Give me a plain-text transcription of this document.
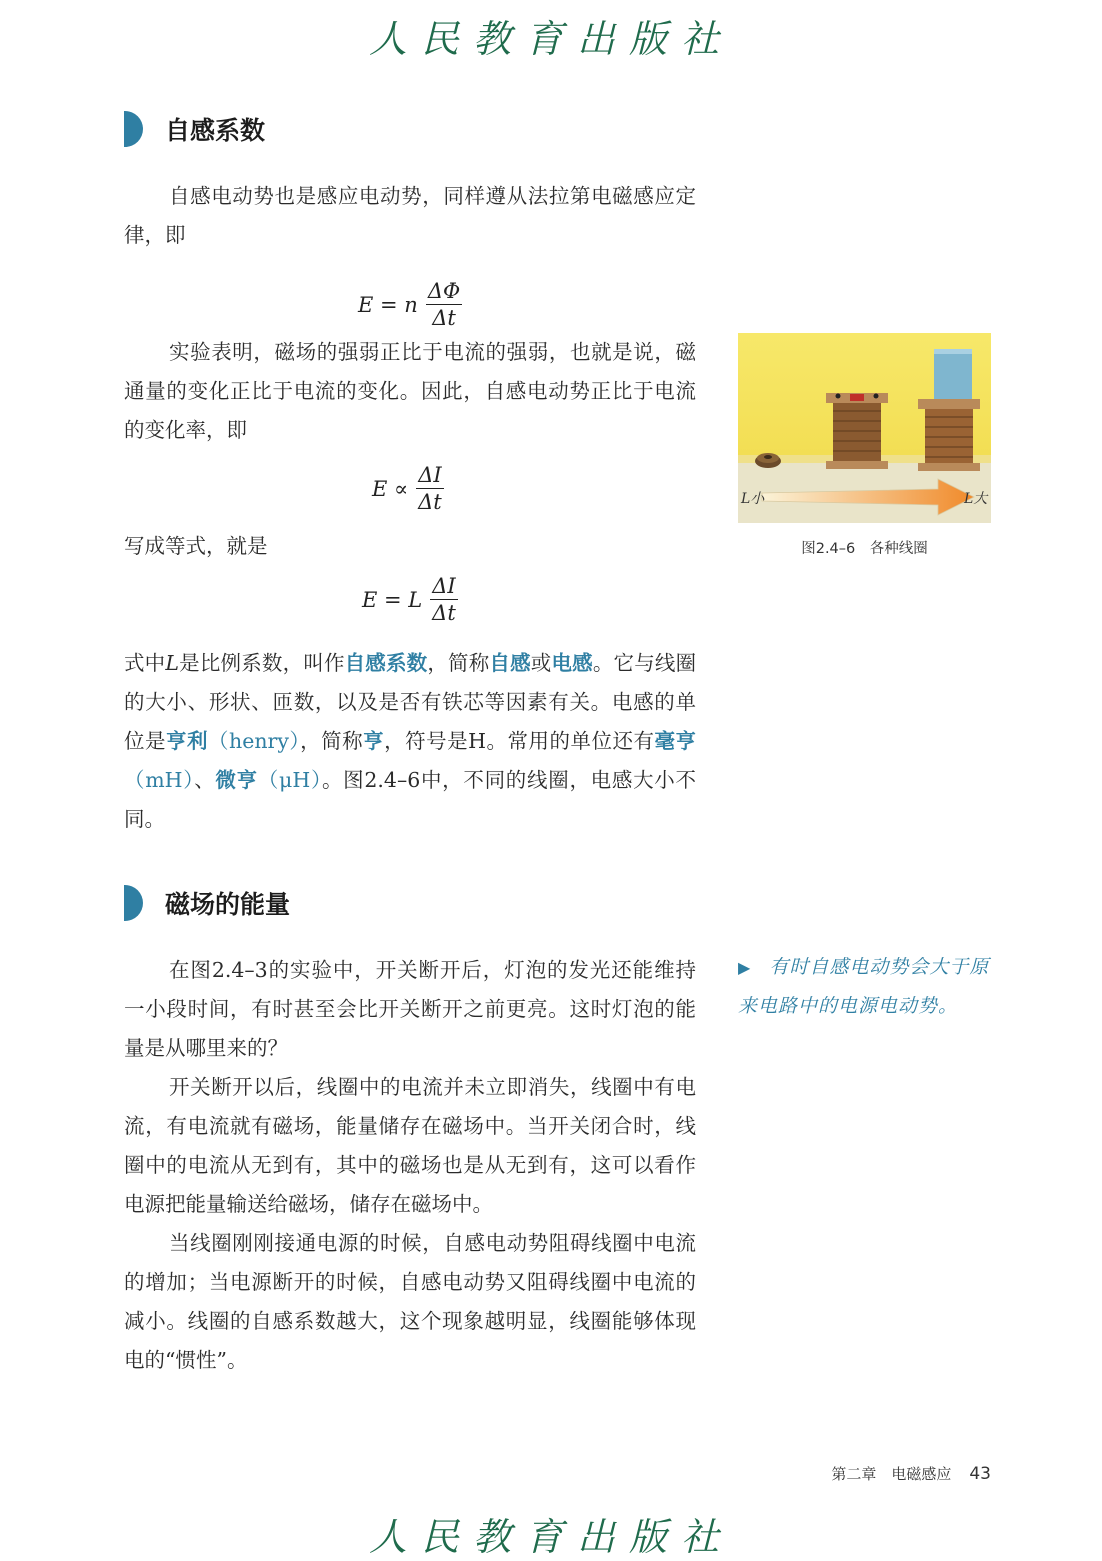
人民教育出版社
自感系数
自感电动势也是感应电动势，同样遵从法拉第电磁感应定律，即
E = n $\frac{\Delta\Phi}{\Delta t}$
实验表明，磁场的强弱正比于电流的强弱，也就是说，磁通量的变化正比于电流的变化。因此，自感电动势正比于电流的变化率，即
$E \propto \frac{\Delta I}{\Delta t}$
写成等式，就是
E = L $\frac{\Delta I}{\Delta t}$
式中L是比例系数，叫作自感系数，简称自感或电感。它与线圈的大小、形状、匝数，以及是否有铁芯等因素有关。电感的单位是亨利（henry），简称亨，符号是H。常用的单位还有毫亨（mH）、微亨（μH）。图2.4–6中，不同的线圈，电感大小不同。
L小	L大
图2.4–6　各种线圈
磁场的能量
在图2.4–3的实验中，开关断开后，灯泡的发光还能维持一小段时间，有时甚至会比开关断开之前更亮。这时灯泡的能量是从哪里来的？
开关断开以后，线圈中的电流并未立即消失，线圈中有电流，有电流就有磁场，能量储存在磁场中。当开关闭合时，线圈中的电流从无到有，其中的磁场也是从无到有，这可以看作电源把能量输送给磁场，储存在磁场中。
当线圈刚刚接通电源的时候，自感电动势阻碍线圈中电流的增加；当电源断开的时候，自感电动势又阻碍线圈中电流的减小。线圈的自感系数越大，这个现象越明显，线圈能够体现电的“惯性”。
▶ 有时自感电动势会大于原来电路中的电源电动势。
第二章　电磁感应 43
人民教育出版社
